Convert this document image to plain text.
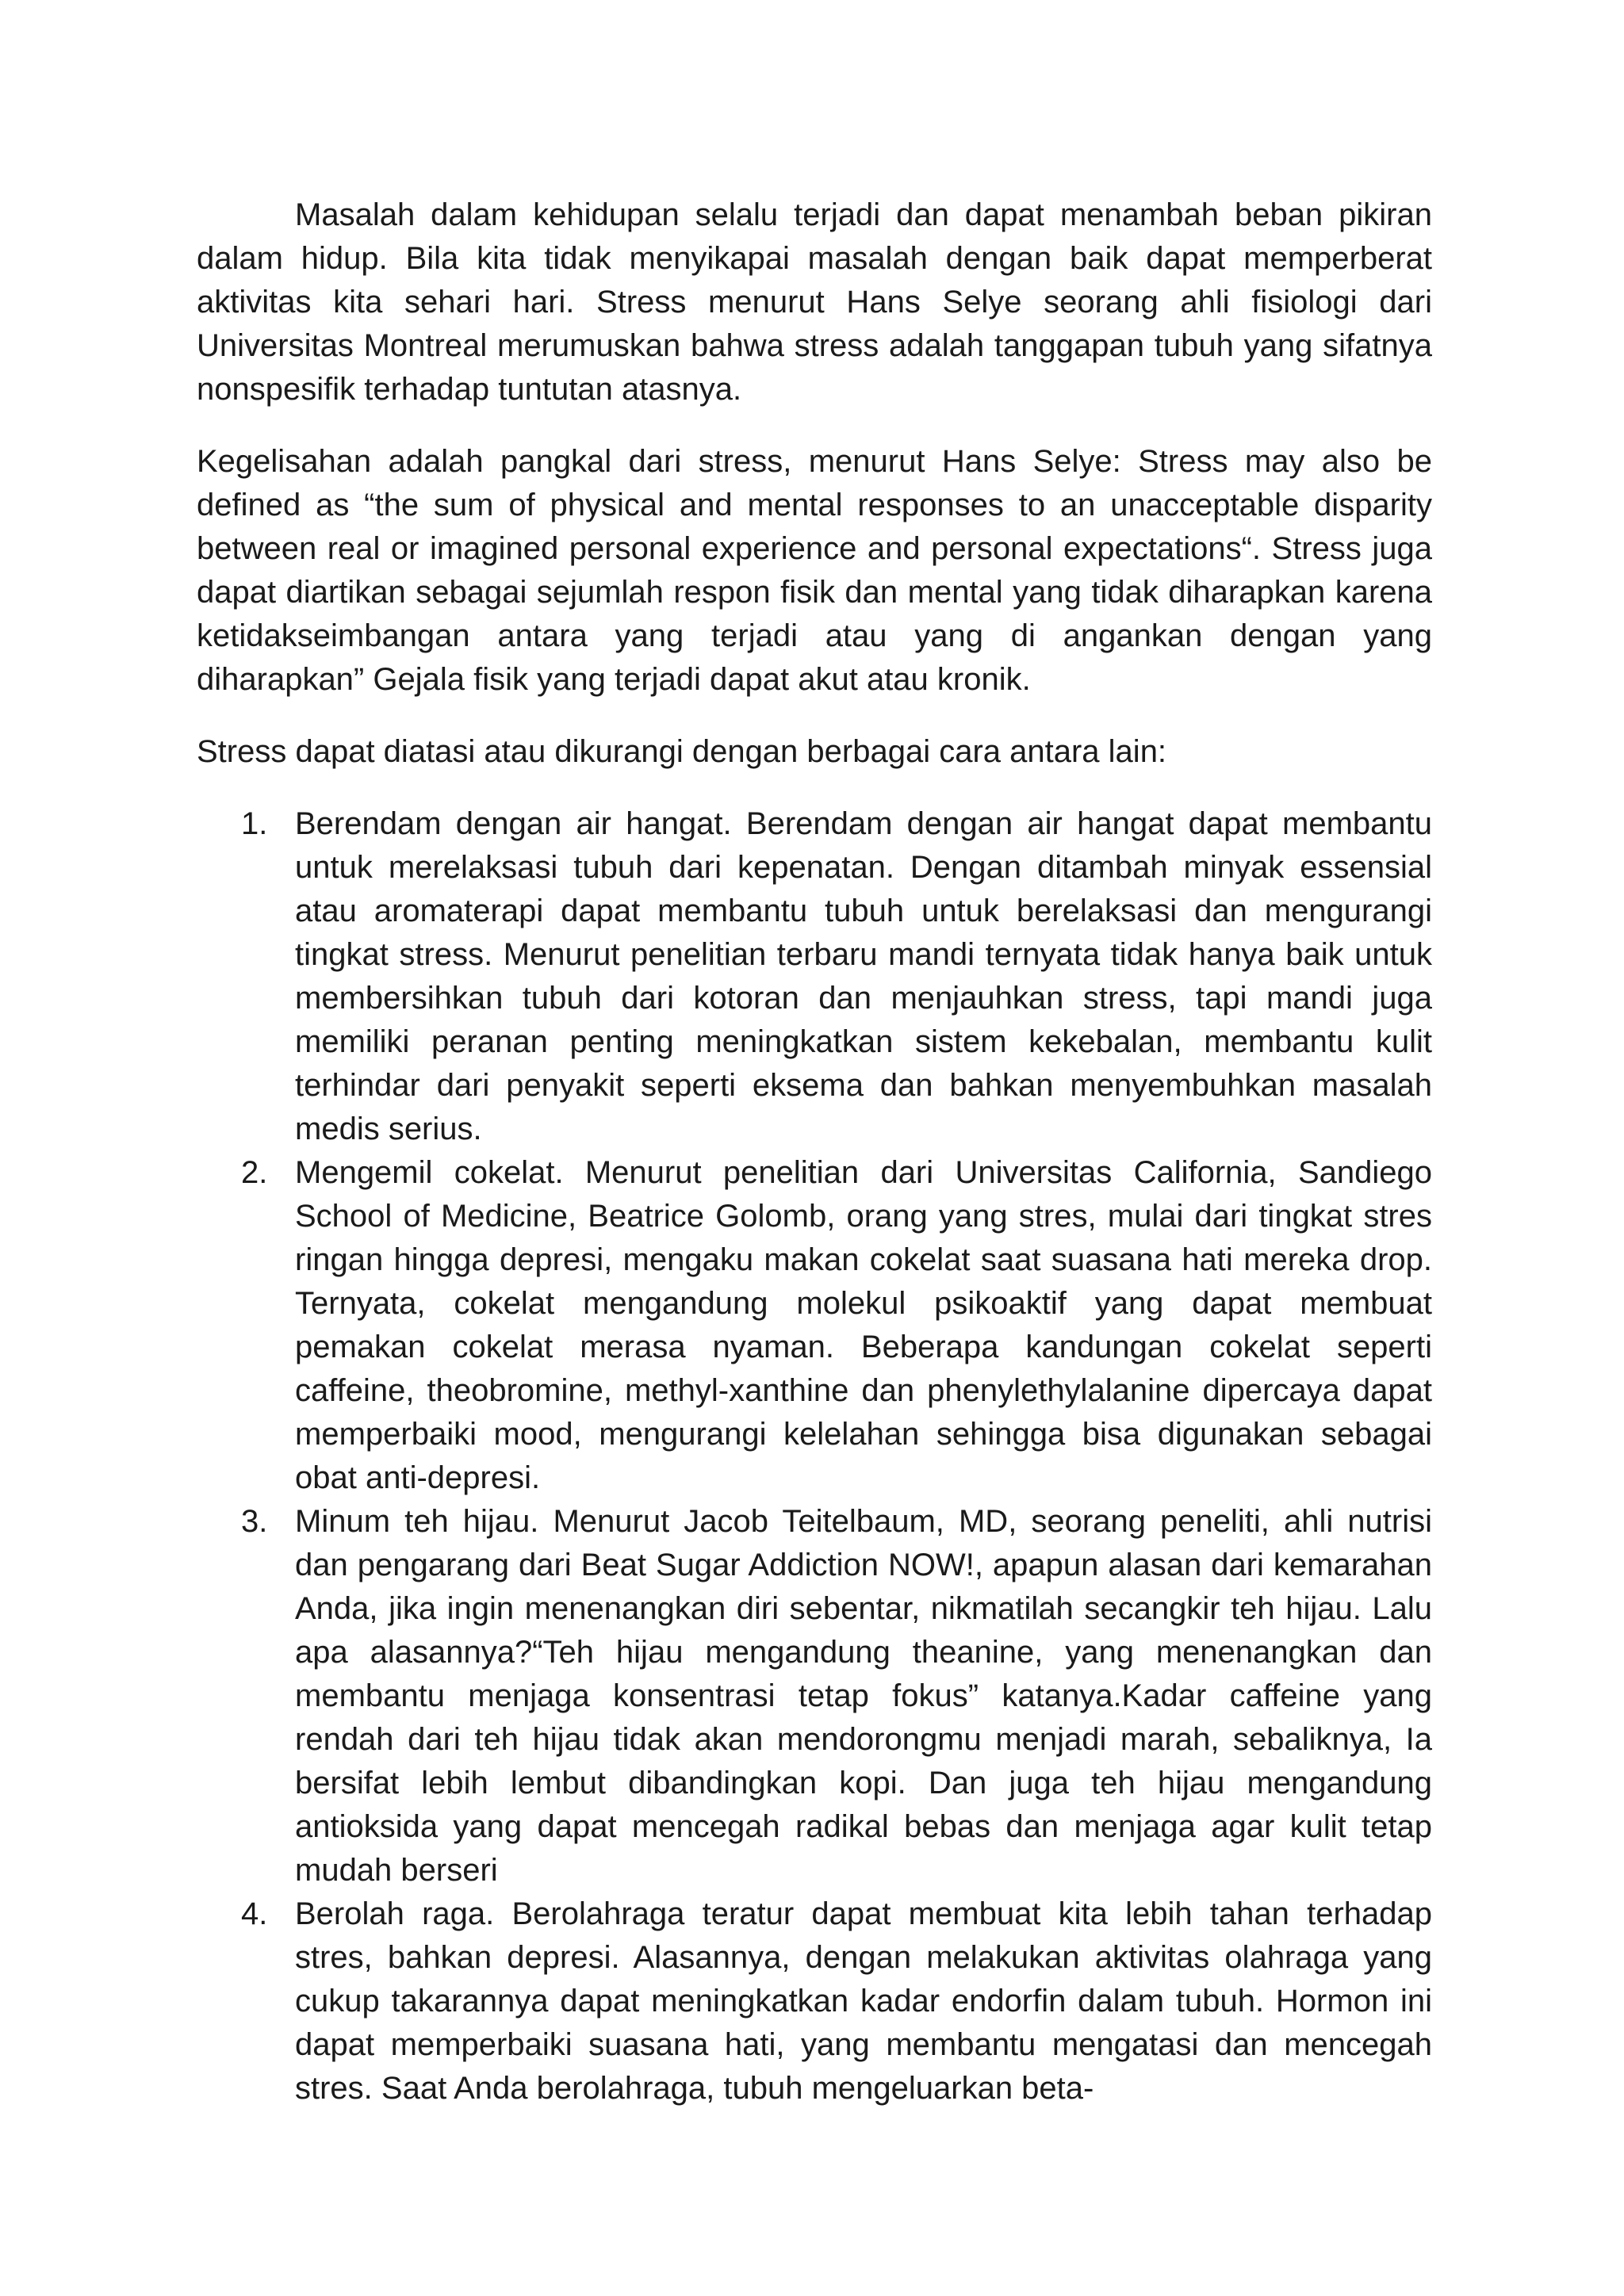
Masalah dalam kehidupan selalu terjadi dan dapat menambah beban pikiran dalam hidup. Bila kita tidak menyikapai masalah dengan baik dapat memperberat aktivitas kita sehari hari. Stress menurut Hans Selye seorang ahli fisiologi dari Universitas Montreal merumuskan bahwa stress adalah tanggapan tubuh yang sifatnya nonspesifik terhadap tuntutan atasnya.

Kegelisahan adalah pangkal dari stress, menurut Hans Selye: Stress may also be defined as “the sum of physical and mental responses to an unacceptable disparity between real or imagined personal experience and personal expectations“. Stress juga dapat diartikan sebagai sejumlah respon fisik dan mental yang tidak diharapkan karena ketidakseimbangan antara yang terjadi atau yang di angankan dengan yang diharapkan” Gejala fisik yang terjadi dapat akut atau kronik.

Stress dapat diatasi atau dikurangi dengan berbagai cara antara lain:

1. Berendam dengan air hangat. Berendam dengan air hangat dapat membantu untuk merelaksasi tubuh dari kepenatan. Dengan ditambah minyak essensial atau aromaterapi dapat membantu tubuh untuk berelaksasi dan mengurangi tingkat stress. Menurut penelitian terbaru mandi ternyata tidak hanya baik untuk membersihkan tubuh dari kotoran dan menjauhkan stress, tapi mandi juga memiliki peranan penting meningkatkan sistem kekebalan, membantu kulit terhindar dari penyakit seperti eksema dan bahkan menyembuhkan masalah medis serius.
2. Mengemil cokelat. Menurut penelitian dari Universitas California, Sandiego School of Medicine, Beatrice Golomb, orang yang stres, mulai dari tingkat stres ringan hingga depresi, mengaku makan cokelat saat suasana hati mereka drop. Ternyata, cokelat mengandung molekul psikoaktif yang dapat membuat pemakan cokelat merasa nyaman. Beberapa kandungan cokelat seperti caffeine, theobromine, methyl-xanthine dan phenylethylalanine dipercaya dapat memperbaiki mood, mengurangi kelelahan sehingga bisa digunakan sebagai obat anti-depresi.
3. Minum teh hijau. Menurut Jacob Teitelbaum, MD, seorang peneliti, ahli nutrisi dan pengarang dari Beat Sugar Addiction NOW!, apapun alasan dari kemarahan Anda, jika ingin menenangkan diri sebentar, nikmatilah secangkir teh hijau. Lalu apa alasannya?“Teh hijau mengandung theanine, yang menenangkan dan membantu menjaga konsentrasi tetap fokus” katanya.Kadar caffeine yang rendah dari teh hijau tidak akan mendorongmu menjadi marah, sebaliknya, Ia bersifat lebih lembut dibandingkan kopi. Dan juga teh hijau mengandung antioksida yang dapat mencegah radikal bebas dan menjaga agar kulit tetap mudah berseri
4. Berolah raga. Berolahraga teratur dapat membuat kita lebih tahan terhadap stres, bahkan depresi. Alasannya, dengan melakukan aktivitas olahraga yang cukup takarannya dapat meningkatkan kadar endorfin dalam tubuh. Hormon ini dapat memperbaiki suasana hati, yang membantu mengatasi dan mencegah stres. Saat Anda berolahraga, tubuh mengeluarkan beta-
